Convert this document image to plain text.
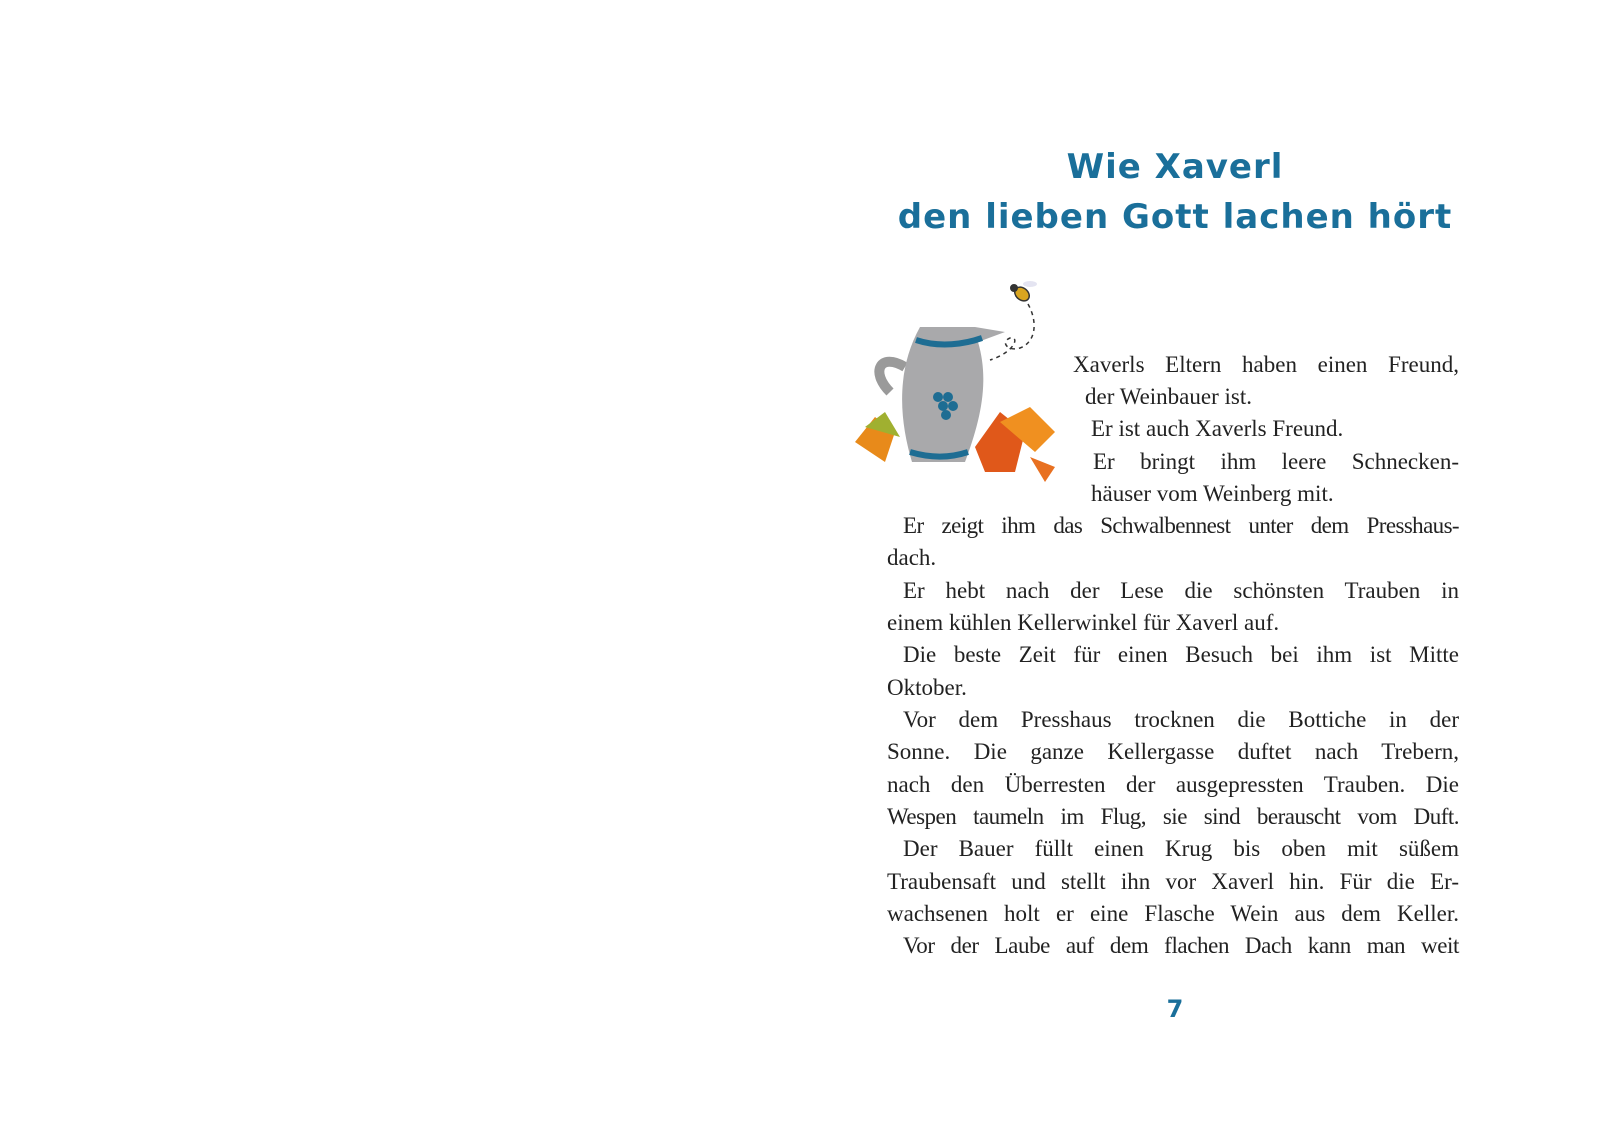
Wie Xaverl
den lieben Gott lachen hört
Xaverls Eltern haben einen Freund,
der Weinbauer ist.
Er ist auch Xaverls Freund.
Er bringt ihm leere Schnecken-
häuser vom Weinberg mit.
Er zeigt ihm das Schwalbennest unter dem Presshaus-
dach.
Er hebt nach der Lese die schönsten Trauben in
einem kühlen Kellerwinkel für Xaverl auf.
Die beste Zeit für einen Besuch bei ihm ist Mitte
Oktober.
Vor dem Presshaus trocknen die Bottiche in der
Sonne. Die ganze Kellergasse duftet nach Trebern,
nach den Überresten der ausgepressten Trauben. Die
Wespen taumeln im Flug, sie sind berauscht vom Duft.
Der Bauer füllt einen Krug bis oben mit süßem
Traubensaft und stellt ihn vor Xaverl hin. Für die Er-
wachsenen holt er eine Flasche Wein aus dem Keller.
Vor der Laube auf dem flachen Dach kann man weit
7
